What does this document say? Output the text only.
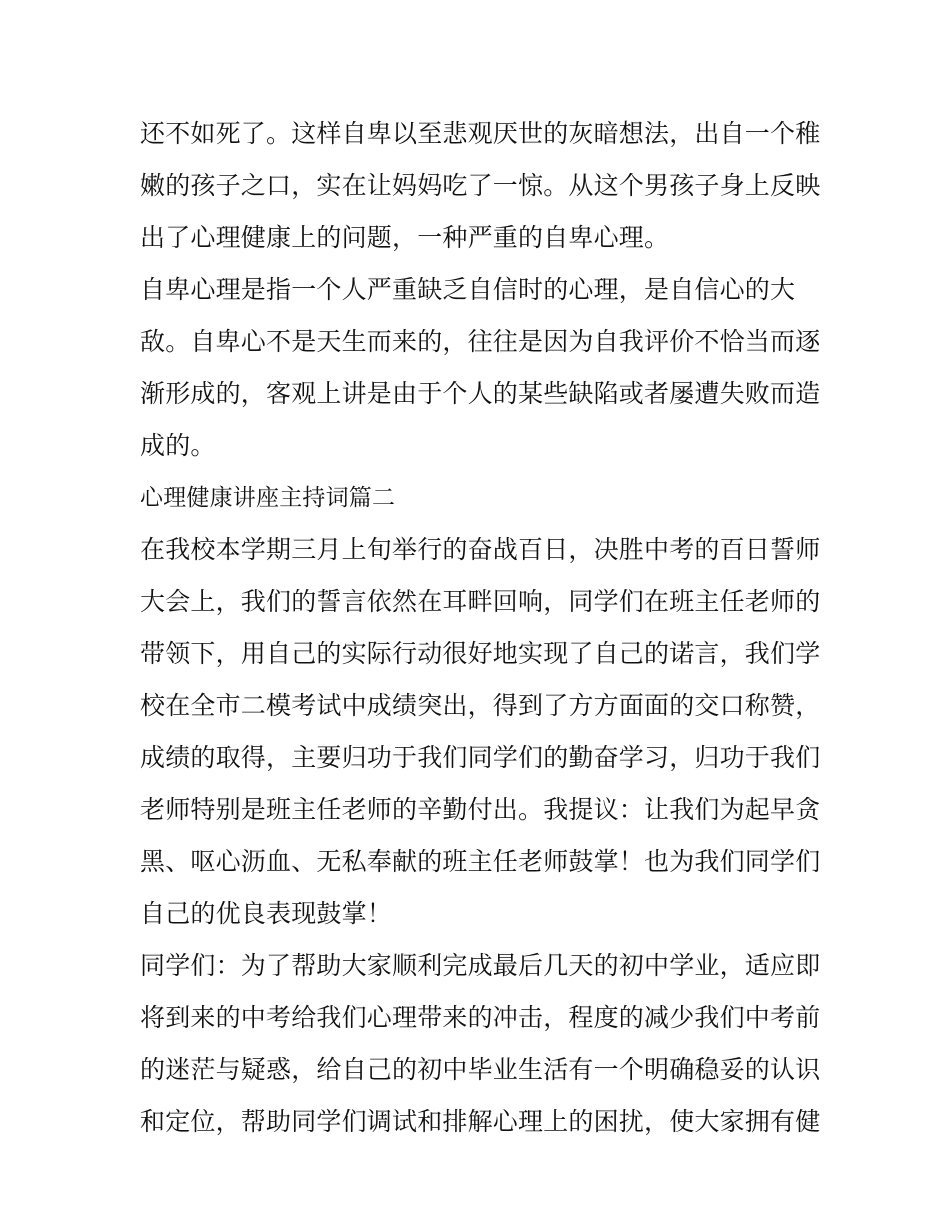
还不如死了。这样自卑以至悲观厌世的灰暗想法，出自一个稚
嫩的孩子之口，实在让妈妈吃了一惊。从这个男孩子身上反映
出了心理健康上的问题，一种严重的自卑心理。
自卑心理是指一个人严重缺乏自信时的心理，是自信心的大
敌。自卑心不是天生而来的，往往是因为自我评价不恰当而逐
渐形成的，客观上讲是由于个人的某些缺陷或者屡遭失败而造
成的。
心理健康讲座主持词篇二
在我校本学期三月上旬举行的奋战百日，决胜中考的百日誓师
大会上，我们的誓言依然在耳畔回响，同学们在班主任老师的
带领下，用自己的实际行动很好地实现了自己的诺言，我们学
校在全市二模考试中成绩突出，得到了方方面面的交口称赞，
成绩的取得，主要归功于我们同学们的勤奋学习，归功于我们
老师特别是班主任老师的辛勤付出。我提议：让我们为起早贪
黑、呕心沥血、无私奉献的班主任老师鼓掌！也为我们同学们
自己的优良表现鼓掌！
同学们：为了帮助大家顺利完成最后几天的初中学业，适应即
将到来的中考给我们心理带来的冲击，程度的减少我们中考前
的迷茫与疑惑，给自己的初中毕业生活有一个明确稳妥的认识
和定位，帮助同学们调试和排解心理上的困扰，使大家拥有健
